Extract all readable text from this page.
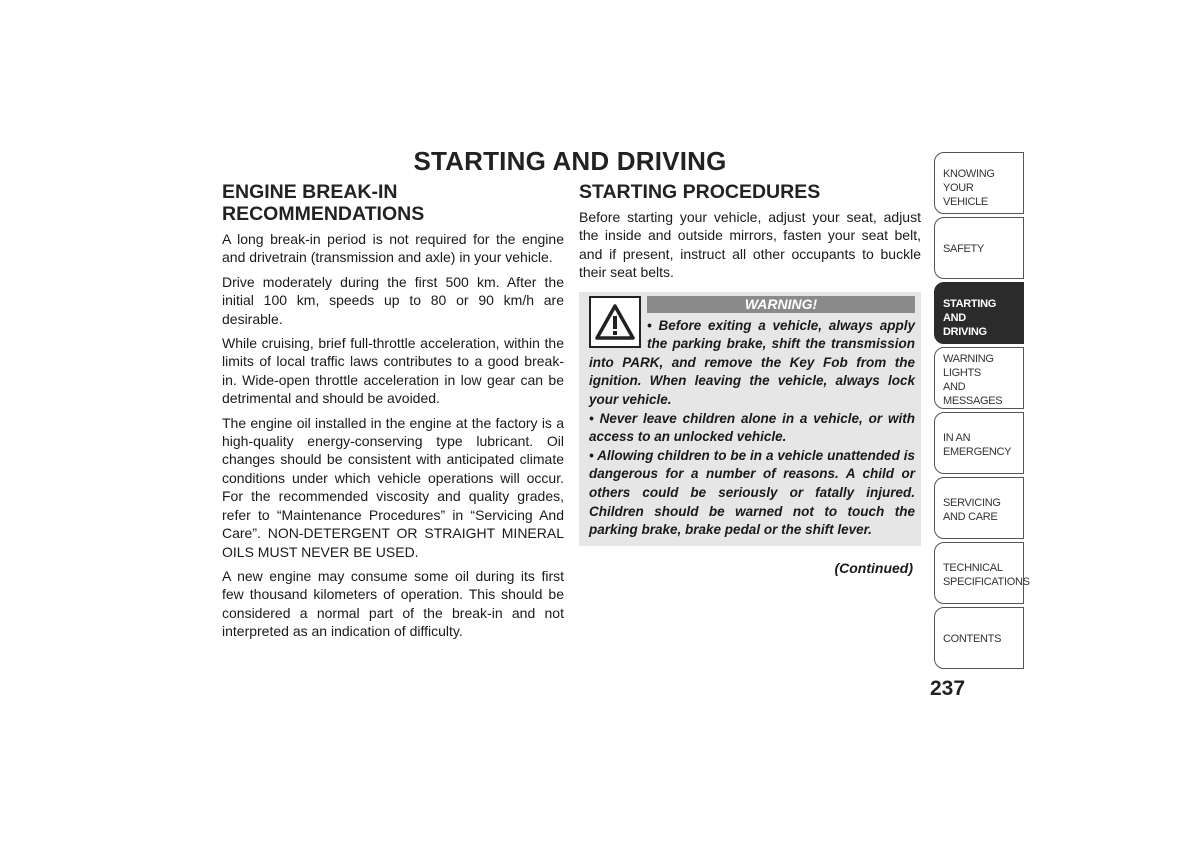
STARTING AND DRIVING
ENGINE BREAK-IN
RECOMMENDATIONS

A long break-in period is not required for the engine and drivetrain (transmission and axle) in your vehicle.

Drive moderately during the first 500 km. After the initial 100 km, speeds up to 80 or 90 km/h are desirable.

While cruising, brief full-throttle acceleration, within the limits of local traffic laws contributes to a good break-in. Wide-open throttle acceleration in low gear can be detrimental and should be avoided.

The engine oil installed in the engine at the factory is a high-quality energy-conserving type lubricant. Oil changes should be consistent with anticipated climate conditions under which vehicle operations will occur. For the recommended viscosity and quality grades, refer to “Maintenance Procedures” in “Servicing And Care”. NON-DETERGENT OR STRAIGHT MINERAL OILS MUST NEVER BE USED.

A new engine may consume some oil during its first few thousand kilometers of operation. This should be considered a normal part of the break-in and not interpreted as an indication of difficulty.

STARTING PROCEDURES

Before starting your vehicle, adjust your seat, adjust the inside and outside mirrors, fasten your seat belt, and if present, instruct all other occupants to buckle their seat belts.

WARNING!

• Before exiting a vehicle, always apply the parking brake, shift the transmission into PARK, and remove the Key Fob from the ignition. When leaving the vehicle, always lock your vehicle.

• Never leave children alone in a vehicle, or with access to an unlocked vehicle.

• Allowing children to be in a vehicle unattended is dangerous for a number of reasons. A child or others could be seriously or fatally injured. Children should be warned not to touch the parking brake, brake pedal or the shift lever.

(Continued)
KNOWING
YOUR
VEHICLE
SAFETY
STARTING
AND
DRIVING
WARNING
LIGHTS
AND
MESSAGES
IN AN
EMERGENCY
SERVICING
AND CARE
TECHNICAL
SPECIFICATIONS
CONTENTS
237
